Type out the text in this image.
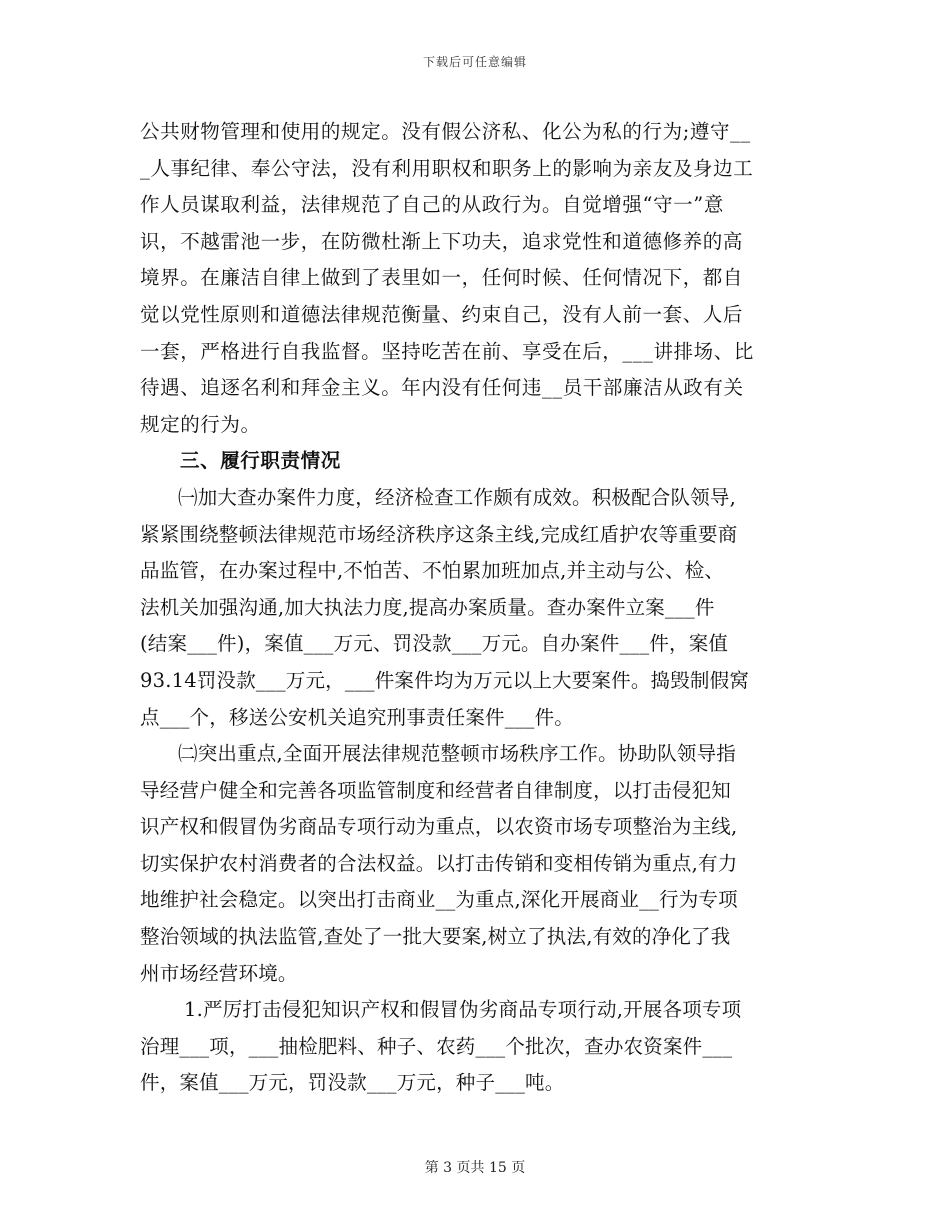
下载后可任意编辑
公共财物管理和使用的规定。没有假公济私、化公为私的行为;遵守__
_人事纪律、奉公守法，没有利用职权和职务上的影响为亲友及身边工
作人员谋取利益，法律规范了自己的从政行为。自觉增强“守一”意
识，不越雷池一步，在防微杜渐上下功夫，追求党性和道德修养的高
境界。在廉洁自律上做到了表里如一，任何时候、任何情况下，都自
觉以党性原则和道德法律规范衡量、约束自己，没有人前一套、人后
一套，严格进行自我监督。坚持吃苦在前、享受在后，___讲排场、比
待遇、追逐名利和拜金主义。年内没有任何违__员干部廉洁从政有关
规定的行为。
三、履行职责情况
㈠加大查办案件力度，经济检查工作颇有成效。积极配合队领导,
紧紧围绕整顿法律规范市场经济秩序这条主线,完成红盾护农等重要商
品监管，在办案过程中,不怕苦、不怕累加班加点,并主动与公、检、
法机关加强沟通,加大执法力度,提高办案质量。查办案件立案___件
(结案___件)，案值___万元、罚没款___万元。自办案件___件，案值
93.14罚没款___万元，___件案件均为万元以上大要案件。捣毁制假窝
点___个，移送公安机关追究刑事责任案件___件。
㈡突出重点,全面开展法律规范整顿市场秩序工作。协助队领导指
导经营户健全和完善各项监管制度和经营者自律制度，以打击侵犯知
识产权和假冒伪劣商品专项行动为重点，以农资市场专项整治为主线,
切实保护农村消费者的合法权益。以打击传销和变相传销为重点,有力
地维护社会稳定。以突出打击商业__为重点,深化开展商业__行为专项
整治领域的执法监管,查处了一批大要案,树立了执法,有效的净化了我
州市场经营环境。
1.严厉打击侵犯知识产权和假冒伪劣商品专项行动,开展各项专项
治理___项，___抽检肥料、种子、农药___个批次，查办农资案件___
件，案值___万元，罚没款___万元，种子___吨。
第 3 页共 15 页
